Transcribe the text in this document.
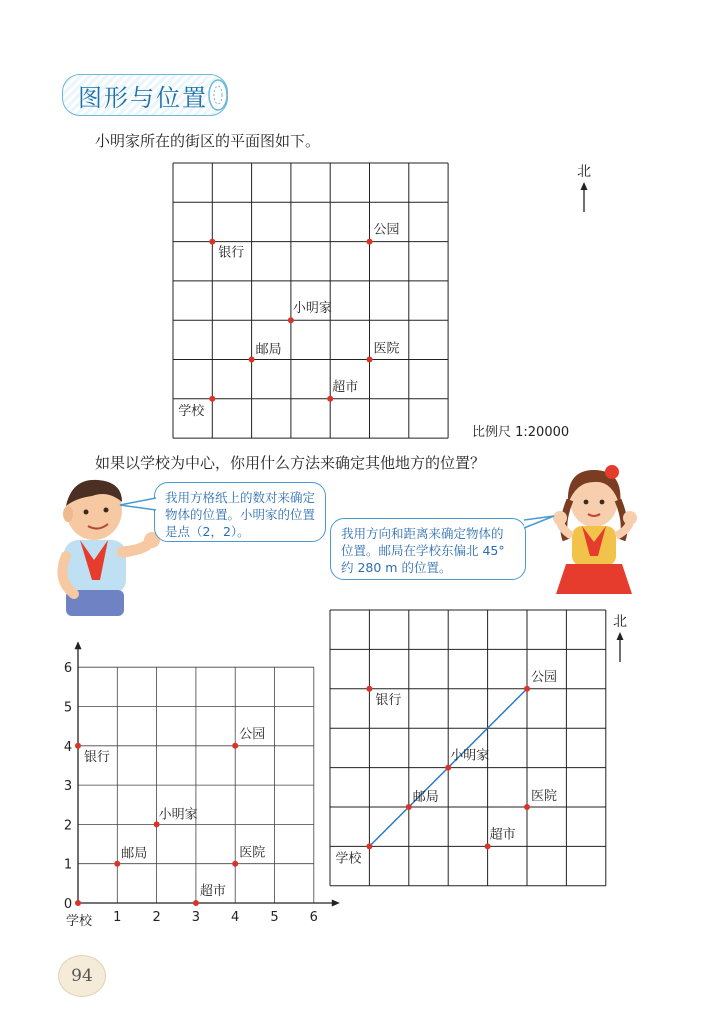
图形与位置
小明家所在的街区的平面图如下。
学校
邮局
小明家
银行
公园
医院
超市
北
比例尺 1:20000
如果以学校为中心，你用什么方法来确定其他地方的位置？
我用方格纸上的数对来确定物体的位置。小明家的位置是点（2，2）。	我用方向和距离来确定物体的位置。邮局在学校东偏北 45° 约 280 m 的位置。
1 2 3 4 5 6
0
1
2
3
4
5
6
学校
邮局
小明家
银行
公园
医院
超市
学校
邮局
小明家
银行
公园
医院
超市
北
94
